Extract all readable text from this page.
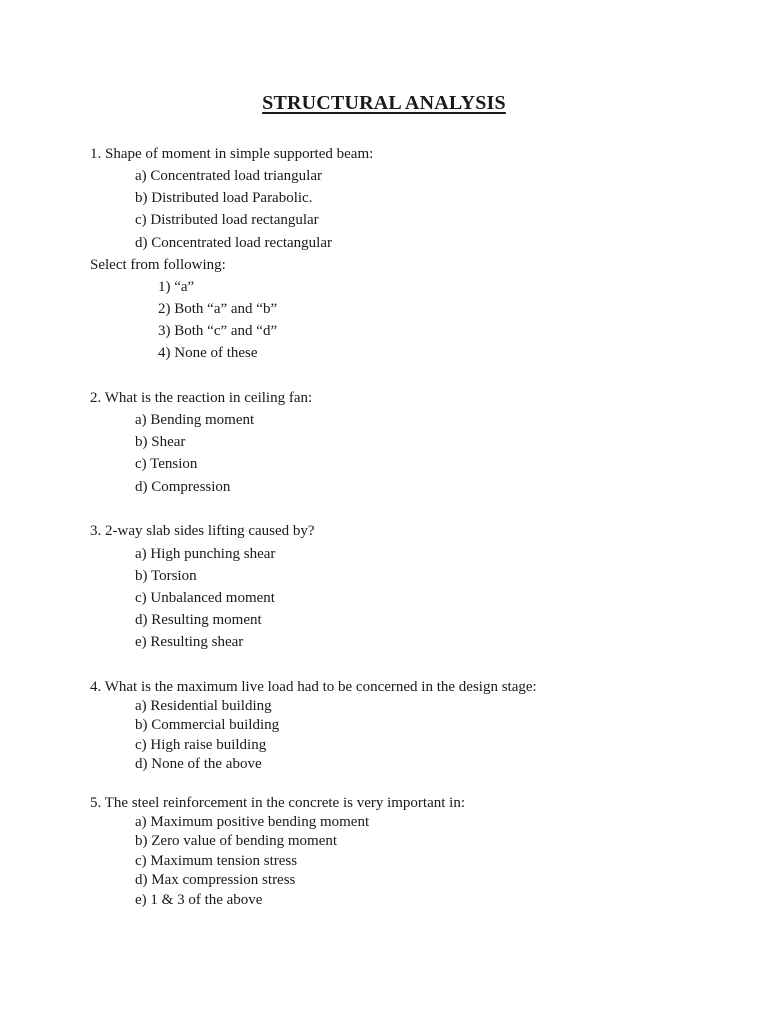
STRUCTURAL ANALYSIS
1. Shape of moment in simple supported beam:
a) Concentrated load triangular
b) Distributed load Parabolic.
c) Distributed load rectangular
d) Concentrated load rectangular
Select from following:
1) “a”
2) Both “a” and “b”
3) Both “c” and “d”
4) None of these
2. What is the reaction in ceiling fan:
a) Bending moment
b) Shear
c) Tension
d) Compression
3. 2-way slab sides lifting caused by?
a) High punching shear
b) Torsion
c) Unbalanced moment
d) Resulting moment
e) Resulting shear
4. What is the maximum live load had to be concerned in the design stage:
a) Residential building
b) Commercial building
c) High raise building
d) None of the above
5. The steel reinforcement in the concrete is very important in:
a) Maximum positive bending moment
b) Zero value of bending moment
c) Maximum tension stress
d) Max compression stress
e) 1 & 3 of the above
